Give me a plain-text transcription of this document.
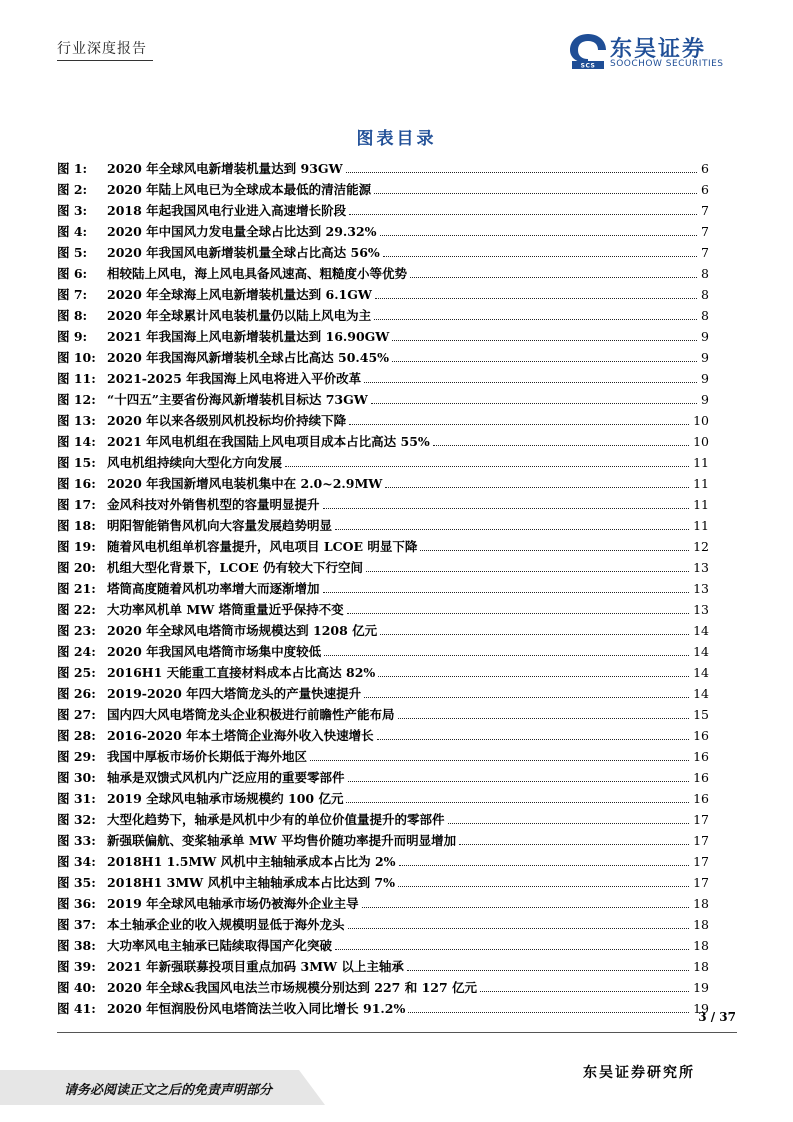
行业深度报告
SCS
东吴证券
SOOCHOW SECURITIES
图表目录
图 1:	2020 年全球风电新增装机量达到 93GW	6
图 2:	2020 年陆上风电已为全球成本最低的清洁能源	6
图 3:	2018 年起我国风电行业进入高速增长阶段	7
图 4:	2020 年中国风力发电量全球占比达到 29.32%	7
图 5:	2020 年我国风电新增装机量全球占比高达 56%	7
图 6:	相较陆上风电，海上风电具备风速高、粗糙度小等优势	8
图 7:	2020 年全球海上风电新增装机量达到 6.1GW	8
图 8:	2020 年全球累计风电装机量仍以陆上风电为主	8
图 9:	2021 年我国海上风电新增装机量达到 16.90GW	9
图 10: 2020 年我国海风新增装机全球占比高达 50.45%	9
图 11: 2021-2025 年我国海上风电将进入平价改革	9
图 12: “十四五”主要省份海风新增装机目标达 73GW	9
图 13: 2020 年以来各级别风机投标均价持续下降	10
图 14: 2021 年风电机组在我国陆上风电项目成本占比高达 55%	10
图 15: 风电机组持续向大型化方向发展	11
图 16: 2020 年我国新增风电装机集中在 2.0~2.9MW	11
图 17: 金风科技对外销售机型的容量明显提升	11
图 18: 明阳智能销售风机向大容量发展趋势明显	11
图 19: 随着风电机组单机容量提升，风电项目 LCOE 明显下降	12
图 20: 机组大型化背景下，LCOE 仍有较大下行空间	13
图 21: 塔筒高度随着风机功率增大而逐渐增加	13
图 22: 大功率风机单 MW 塔筒重量近乎保持不变	13
图 23: 2020 年全球风电塔筒市场规模达到 1208 亿元	14
图 24: 2020 年我国风电塔筒市场集中度较低	14
图 25: 2016H1 天能重工直接材料成本占比高达 82%	14
图 26: 2019-2020 年四大塔筒龙头的产量快速提升	14
图 27: 国内四大风电塔筒龙头企业积极进行前瞻性产能布局	15
图 28: 2016-2020 年本土塔筒企业海外收入快速增长	16
图 29: 我国中厚板市场价长期低于海外地区	16
图 30: 轴承是双馈式风机内广泛应用的重要零部件	16
图 31: 2019 全球风电轴承市场规模约 100 亿元	16
图 32: 大型化趋势下，轴承是风机中少有的单位价值量提升的零部件	17
图 33: 新强联偏航、变桨轴承单 MW 平均售价随功率提升而明显增加	17
图 34: 2018H1 1.5MW 风机中主轴轴承成本占比为 2%	17
图 35: 2018H1 3MW 风机中主轴轴承成本占比达到 7%	17
图 36: 2019 年全球风电轴承市场仍被海外企业主导	18
图 37: 本土轴承企业的收入规模明显低于海外龙头	18
图 38: 大功率风电主轴承已陆续取得国产化突破	18
图 39: 2021 年新强联募投项目重点加码 3MW 以上主轴承	18
图 40: 2020 年全球&我国风电法兰市场规模分别达到 227 和 127 亿元	19
图 41: 2020 年恒润股份风电塔筒法兰收入同比增长 91.2%	19
3 / 37
东吴证券研究所
请务必阅读正文之后的免责声明部分
